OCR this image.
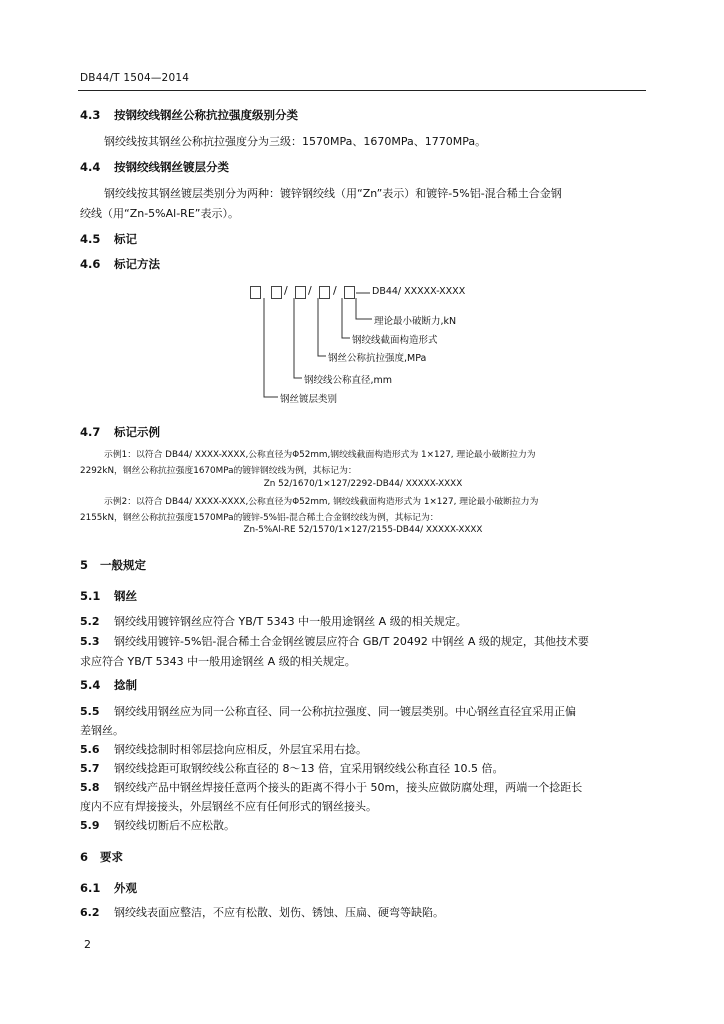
DB44/T 1504—2014
4.3 按钢绞线钢丝公称抗拉强度级别分类
钢绞线按其钢丝公称抗拉强度分为三级：1570MPa、1670MPa、1770MPa。
4.4 按钢绞线钢丝镀层分类
钢绞线按其钢丝镀层类别分为两种：镀锌钢绞线（用“Zn”表示）和镀锌-5%铝-混合稀土合金钢
绞线（用“Zn-5%Al-RE”表示）。
4.5 标记
4.6 标记方法
/ / /	DB44/ XXXXX-XXXX
理论最小破断力,kN
钢绞线截面构造形式
钢丝公称抗拉强度,MPa
钢绞线公称直径,mm
钢丝镀层类别
4.7 标记示例
示例1：以符合 DB44/ XXXX-XXXX,公称直径为Φ52mm,钢绞线截面构造形式为 1×127, 理论最小破断拉力为
2292kN，钢丝公称抗拉强度1670MPa的镀锌钢绞线为例，其标记为：
Zn 52/1670/1×127/2292-DB44/ XXXXX-XXXX
示例2：以符合 DB44/ XXXX-XXXX,公称直径为Φ52mm, 钢绞线截面构造形式为 1×127, 理论最小破断拉力为
2155kN，钢丝公称抗拉强度1570MPa的镀锌-5%铝-混合稀土合金钢绞线为例，其标记为：
Zn-5%Al-RE 52/1570/1×127/2155-DB44/ XXXXX-XXXX
5 一般规定
5.1 钢丝
5.2 钢绞线用镀锌钢丝应符合 YB/T 5343 中一般用途钢丝 A 级的相关规定。
5.3 钢绞线用镀锌-5%铝-混合稀土合金钢丝镀层应符合 GB/T 20492 中钢丝 A 级的规定，其他技术要
求应符合 YB/T 5343 中一般用途钢丝 A 级的相关规定。
5.4 捻制
5.5 钢绞线用钢丝应为同一公称直径、同一公称抗拉强度、同一镀层类别。中心钢丝直径宜采用正偏
差钢丝。
5.6 钢绞线捻制时相邻层捻向应相反，外层宜采用右捻。
5.7 钢绞线捻距可取钢绞线公称直径的 8～13 倍，宜采用钢绞线公称直径 10.5 倍。
5.8 钢绞线产品中钢丝焊接任意两个接头的距离不得小于 50m，接头应做防腐处理，两端一个捻距长
度内不应有焊接接头，外层钢丝不应有任何形式的钢丝接头。
5.9 钢绞线切断后不应松散。
6 要求
6.1 外观
6.2 钢绞线表面应整洁，不应有松散、划伤、锈蚀、压扁、硬弯等缺陷。
2
